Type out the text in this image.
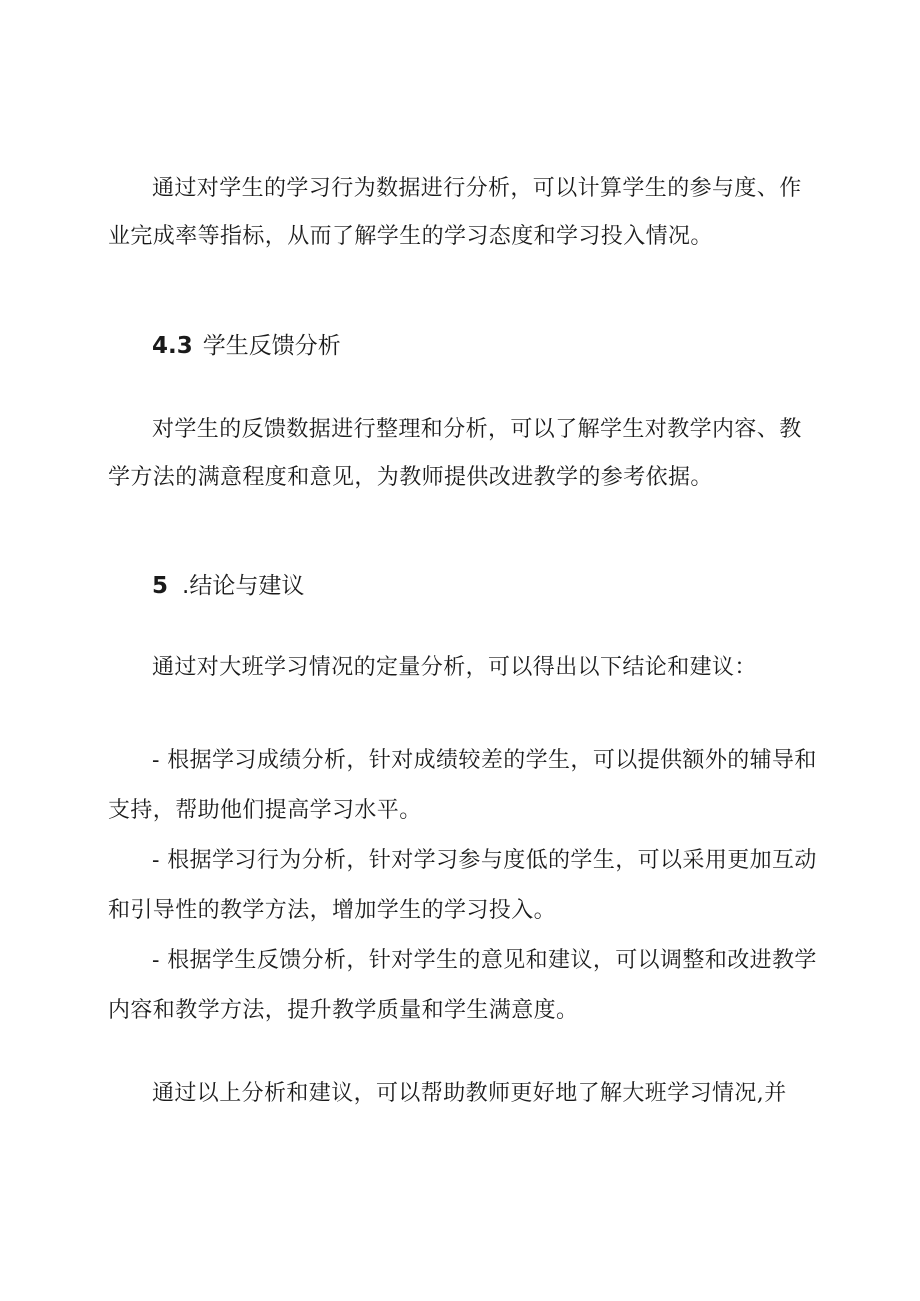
通过对学生的学习行为数据进行分析，可以计算学生的参与度、作业完成率等指标，从而了解学生的学习态度和学习投入情况。

4.3 学生反馈分析

对学生的反馈数据进行整理和分析，可以了解学生对教学内容、教学方法的满意程度和意见，为教师提供改进教学的参考依据。

5 .结论与建议

通过对大班学习情况的定量分析，可以得出以下结论和建议：

- 根据学习成绩分析，针对成绩较差的学生，可以提供额外的辅导和支持，帮助他们提高学习水平。

- 根据学习行为分析，针对学习参与度低的学生，可以采用更加互动和引导性的教学方法，增加学生的学习投入。

- 根据学生反馈分析，针对学生的意见和建议，可以调整和改进教学内容和教学方法，提升教学质量和学生满意度。

通过以上分析和建议，可以帮助教师更好地了解大班学习情况,并
